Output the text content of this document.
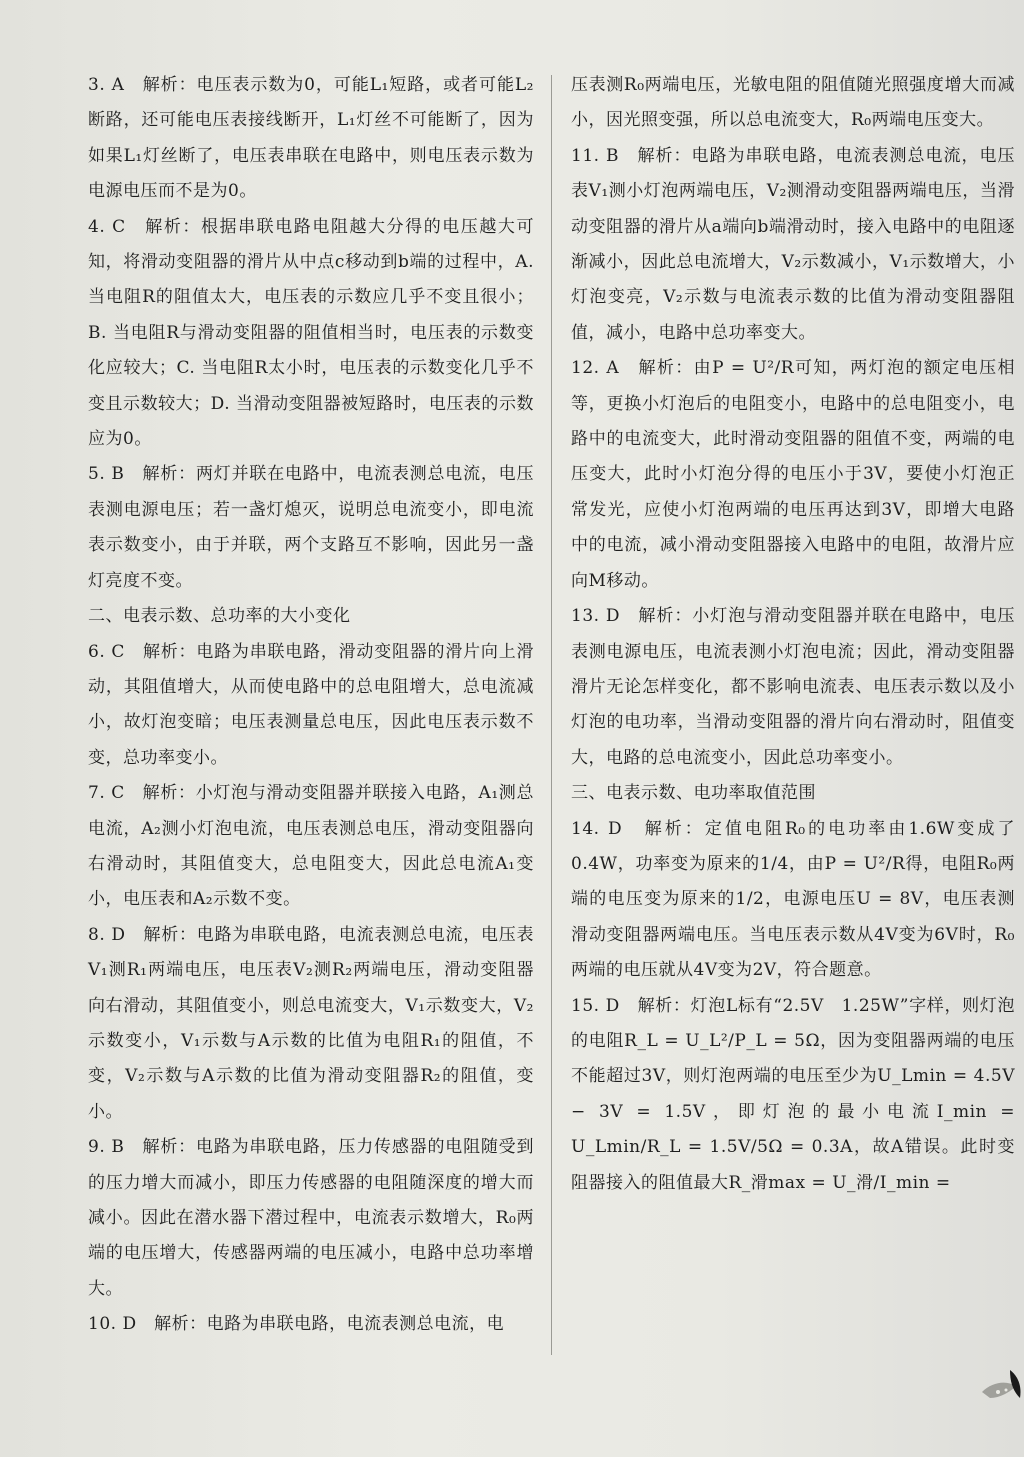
3. A　解析：电压表示数为0，可能L₁短路，或者可能L₂断路，还可能电压表接线断开，L₁灯丝不可能断了，因为如果L₁灯丝断了，电压表串联在电路中，则电压表示数为电源电压而不是为0。

4. C　解析：根据串联电路电阻越大分得的电压越大可知，将滑动变阻器的滑片从中点c移动到b端的过程中，A. 当电阻R的阻值太大，电压表的示数应几乎不变且很小；B. 当电阻R与滑动变阻器的阻值相当时，电压表的示数变化应较大；C. 当电阻R太小时，电压表的示数变化几乎不变且示数较大；D. 当滑动变阻器被短路时，电压表的示数应为0。

5. B　解析：两灯并联在电路中，电流表测总电流，电压表测电源电压；若一盏灯熄灭，说明总电流变小，即电流表示数变小，由于并联，两个支路互不影响，因此另一盏灯亮度不变。

二、电表示数、总功率的大小变化

6. C　解析：电路为串联电路，滑动变阻器的滑片向上滑动，其阻值增大，从而使电路中的总电阻增大，总电流减小，故灯泡变暗；电压表测量总电压，因此电压表示数不变，总功率变小。

7. C　解析：小灯泡与滑动变阻器并联接入电路，A₁测总电流，A₂测小灯泡电流，电压表测总电压，滑动变阻器向右滑动时，其阻值变大，总电阻变大，因此总电流A₁变小，电压表和A₂示数不变。

8. D　解析：电路为串联电路，电流表测总电流，电压表V₁测R₁两端电压，电压表V₂测R₂两端电压，滑动变阻器向右滑动，其阻值变小，则总电流变大，V₁示数变大，V₂示数变小，V₁示数与A示数的比值为电阻R₁的阻值，不变，V₂示数与A示数的比值为滑动变阻器R₂的阻值，变小。

9. B　解析：电路为串联电路，压力传感器的电阻随受到的压力增大而减小，即压力传感器的电阻随深度的增大而减小。因此在潜水器下潜过程中，电流表示数增大，R₀两端的电压增大，传感器两端的电压减小，电路中总功率增大。

10. D　解析：电路为串联电路，电流表测总电流，电

压表测R₀两端电压，光敏电阻的阻值随光照强度增大而减小，因光照变强，所以总电流变大，R₀两端电压变大。

11. B　解析：电路为串联电路，电流表测总电流，电压表V₁测小灯泡两端电压，V₂测滑动变阻器两端电压，当滑动变阻器的滑片从a端向b端滑动时，接入电路中的电阻逐渐减小，因此总电流增大，V₂示数减小，V₁示数增大，小灯泡变亮，V₂示数与电流表示数的比值为滑动变阻器阻值，减小，电路中总功率变大。

12. A　解析：由P = U²/R可知，两灯泡的额定电压相等，更换小灯泡后的电阻变小，电路中的总电阻变小，电路中的电流变大，此时滑动变阻器的阻值不变，两端的电压变大，此时小灯泡分得的电压小于3V，要使小灯泡正常发光，应使小灯泡两端的电压再达到3V，即增大电路中的电流，减小滑动变阻器接入电路中的电阻，故滑片应向M移动。

13. D　解析：小灯泡与滑动变阻器并联在电路中，电压表测电源电压，电流表测小灯泡电流；因此，滑动变阻器滑片无论怎样变化，都不影响电流表、电压表示数以及小灯泡的电功率，当滑动变阻器的滑片向右滑动时，阻值变大，电路的总电流变小，因此总功率变小。

三、电表示数、电功率取值范围

14. D　解析：定值电阻R₀的电功率由1.6W变成了0.4W，功率变为原来的1/4，由P = U²/R得，电阻R₀两端的电压变为原来的1/2，电源电压U = 8V，电压表测滑动变阻器两端电压。当电压表示数从4V变为6V时，R₀两端的电压就从4V变为2V，符合题意。

15. D　解析：灯泡L标有“2.5V　1.25W”字样，则灯泡的电阻R_L = U_L²/P_L = 5Ω，因为变阻器两端的电压不能超过3V，则灯泡两端的电压至少为U_Lmin = 4.5V − 3V = 1.5V，即灯泡的最小电流I_min = U_Lmin/R_L = 1.5V/5Ω = 0.3A，故A错误。此时变阻器接入的阻值最大R_滑max = U_滑/I_min =
